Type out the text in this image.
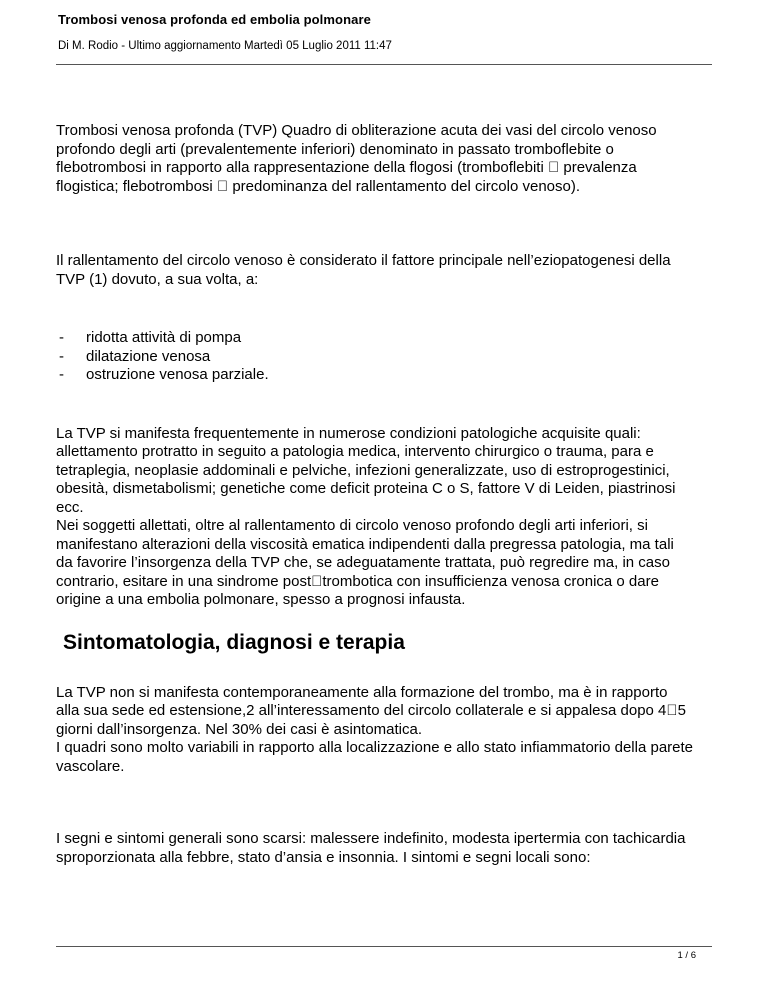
Trombosi venosa profonda ed embolia polmonare
Di M. Rodio - Ultimo aggiornamento Martedì 05 Luglio 2011 11:47

Trombosi venosa profonda (TVP) Quadro di obliterazione acuta dei vasi del circolo venoso
profondo degli arti (prevalentemente inferiori) denominato in passato tromboflebite o
flebotrombosi in rapporto alla rappresentazione della flogosi (tromboflebiti   prevalenza
flogistica; flebotrombosi   predominanza del rallentamento del circolo venoso).

Il rallentamento del circolo venoso è considerato il fattore principale nell’eziopatogenesi della
TVP (1) dovuto, a sua volta, a:

- ridotta attività di pompa
- dilatazione venosa
- ostruzione venosa parziale.

La TVP si manifesta frequentemente in numerose condizioni patologiche acquisite quali:
allettamento protratto in seguito a patologia medica, intervento chirurgico o trauma, para e
tetraplegia, neoplasie addominali e pelviche, infezioni generalizzate, uso di estroprogestinici,
obesità, dismetabolismi; genetiche come deficit proteina C o S, fattore V di Leiden, piastrinosi
ecc.

Nei soggetti allettati, oltre al rallentamento di circolo venoso profondo degli arti inferiori, si
manifestano alterazioni della viscosità ematica indipendenti dalla pregressa patologia, ma tali
da favorire l’insorgenza della TVP che, se adeguatamente trattata, può regredire ma, in caso
contrario, esitare in una sindrome post trombotica con insufficienza venosa cronica o dare
origine a una embolia polmonare, spesso a prognosi infausta.

Sintomatologia, diagnosi e terapia

La TVP non si manifesta contemporaneamente alla formazione del trombo, ma è in rapporto
alla sua sede ed estensione,2 all’interessamento del circolo collaterale e si appalesa dopo 4 5
giorni dall’insorgenza. Nel 30% dei casi è asintomatica.

I quadri sono molto variabili in rapporto alla localizzazione e allo stato infiammatorio della parete
vascolare.

I segni e sintomi generali sono scarsi: malessere indefinito, modesta ipertermia con tachicardia
sproporzionata alla febbre, stato d’ansia e insonnia. I sintomi e segni locali sono:

1 / 6
